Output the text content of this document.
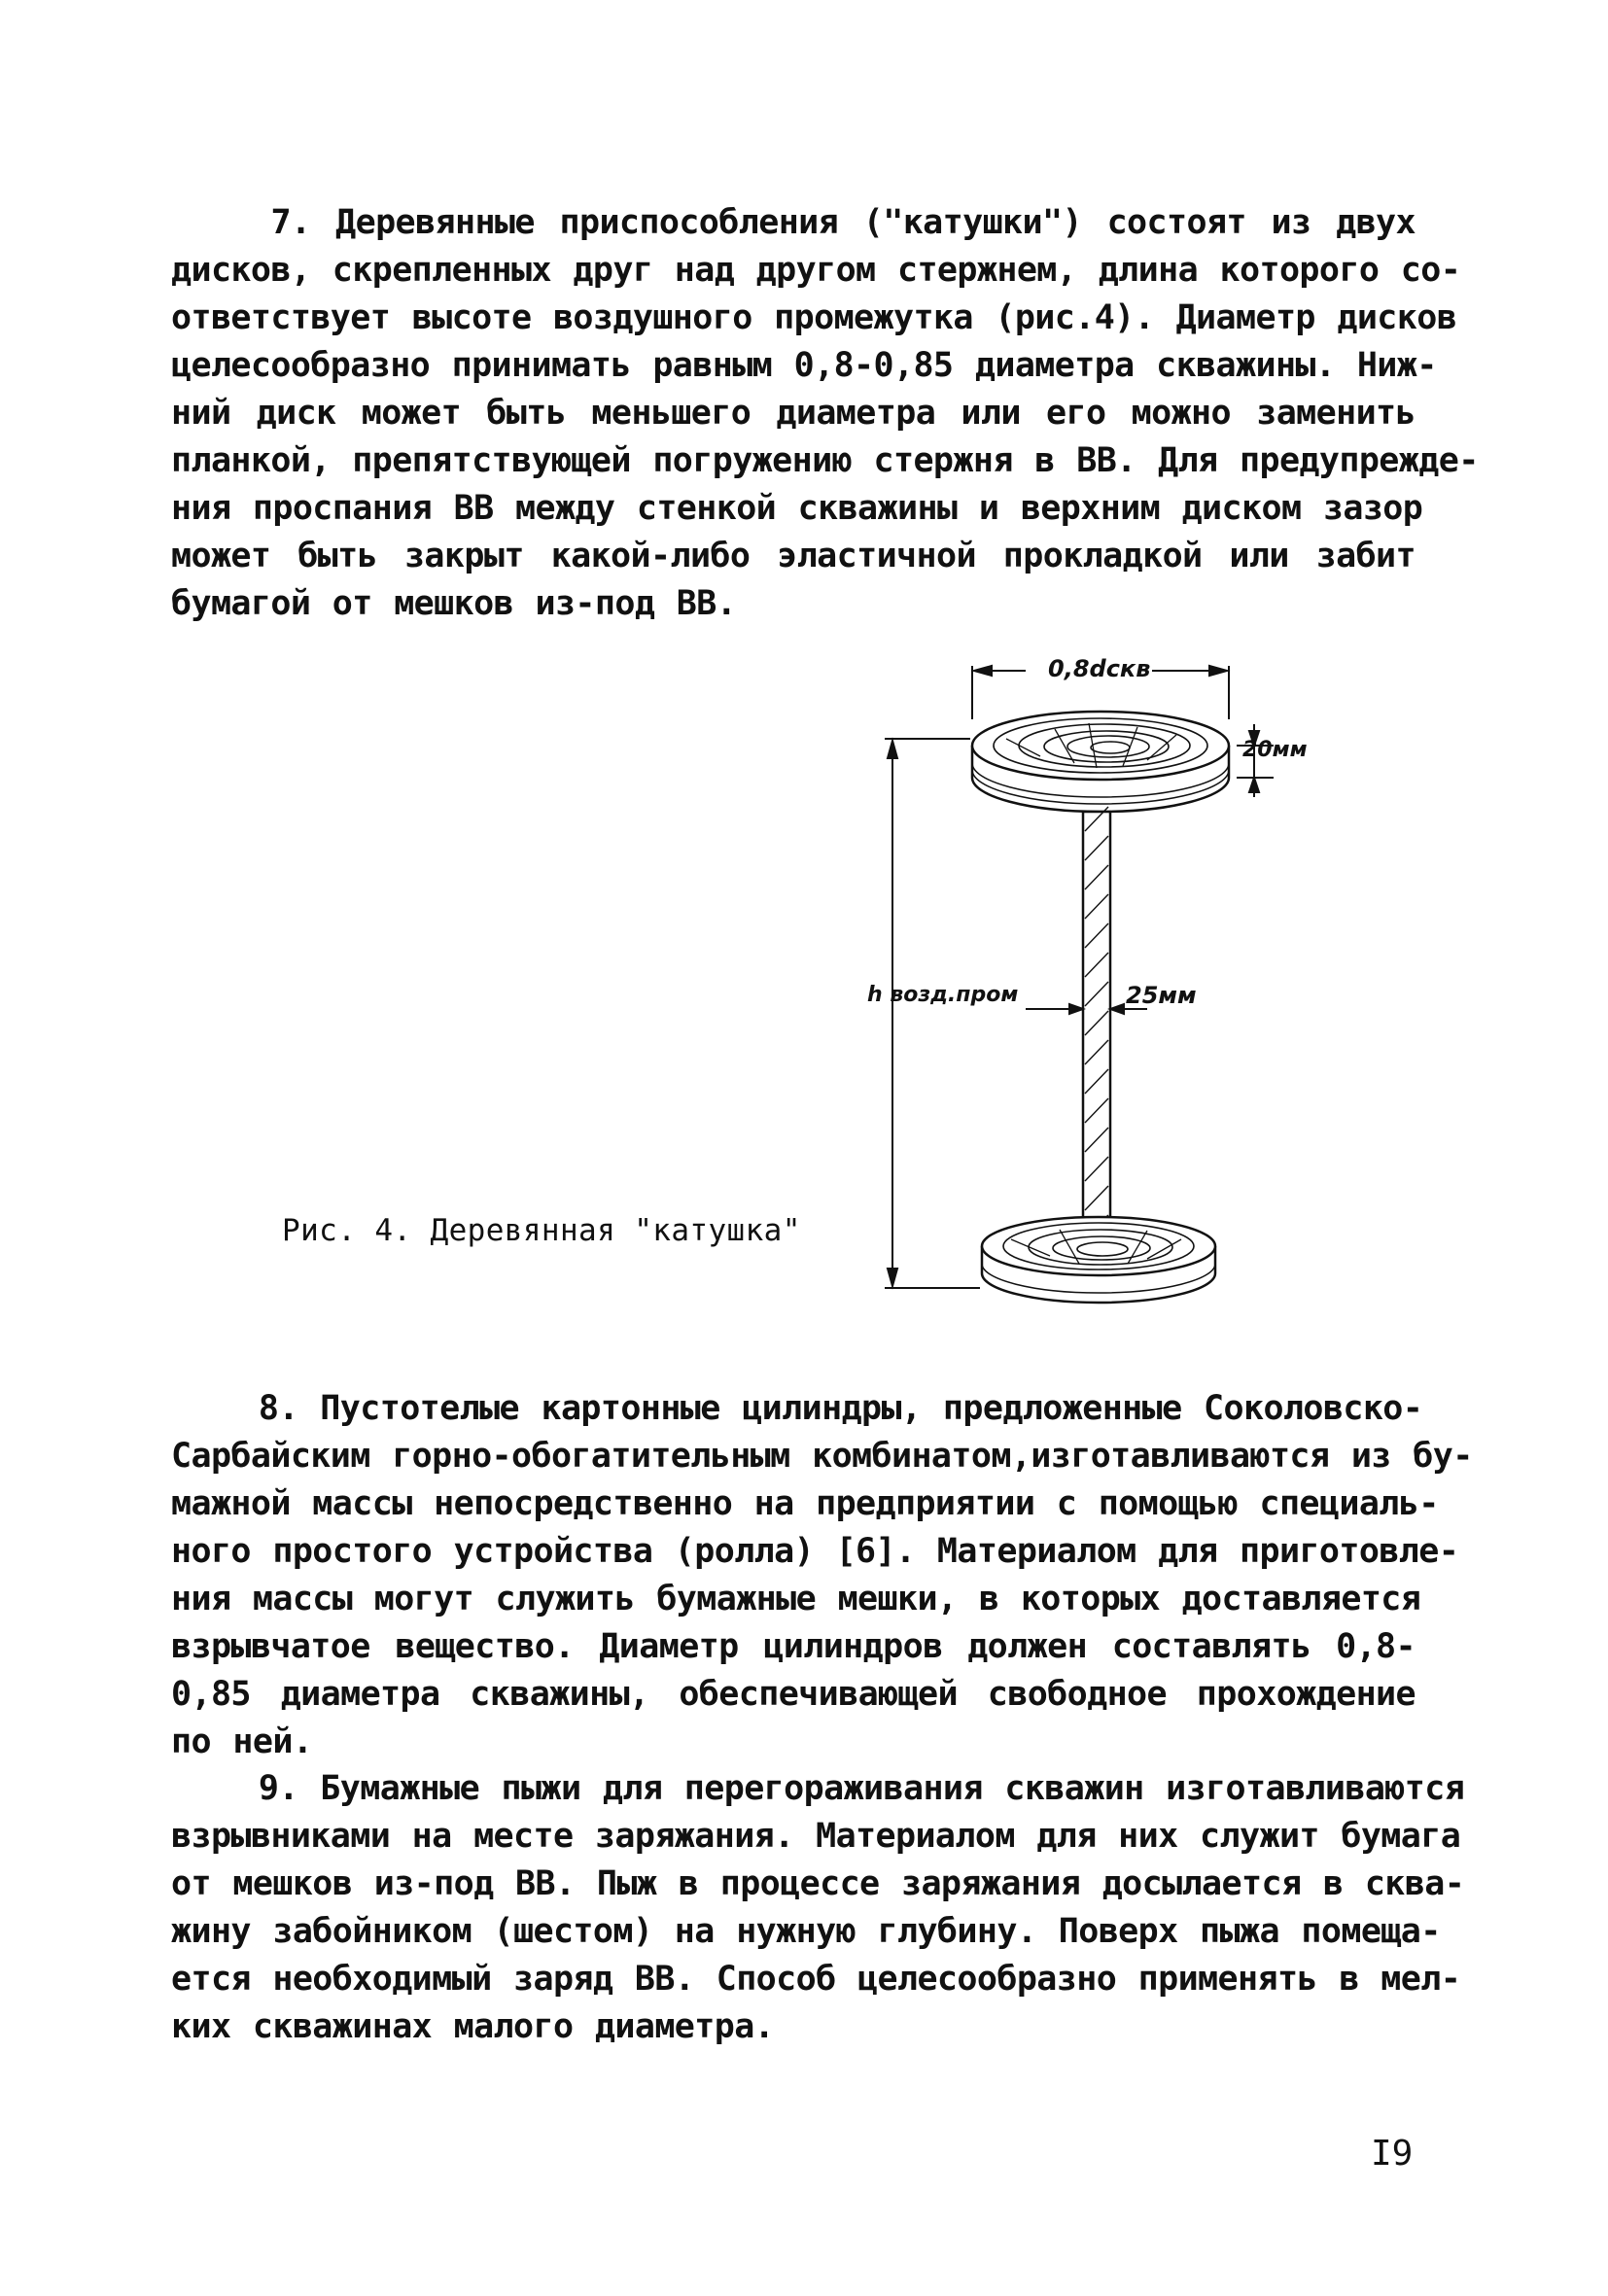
7. Деревянные приспособления ("катушки") состоят из двух
дисков, скрепленных друг над другом стержнем, длина которого со-
ответствует высоте воздушного промежутка (рис.4). Диаметр дисков
целесообразно принимать равным 0,8-0,85 диаметра скважины. Ниж-
ний диск может быть меньшего диаметра или его можно заменить
планкой, препятствующей погружению стержня в ВВ. Для предупрежде-
ния проспания ВВ между стенкой скважины и верхним диском зазор
может быть закрыт какой-либо эластичной прокладкой или забит
бумагой от мешков из-под ВВ.
0,8dскв
20мм
25мм
h возд.пром
Рис. 4. Деревянная "катушка"
8. Пустотелые картонные цилиндры, предложенные Соколовско-
Сарбайским горно-обогатительным комбинатом,изготавливаются из бу-
мажной массы непосредственно на предприятии с помощью специаль-
ного простого устройства (ролла) [6]. Материалом для приготовле-
ния массы могут служить бумажные мешки, в которых доставляется
взрывчатое вещество. Диаметр цилиндров должен составлять 0,8-
0,85 диаметра скважины, обеспечивающей свободное прохождение
по ней.
9. Бумажные пыжи для перегораживания скважин изготавливаются
взрывниками на месте заряжания. Материалом для них служит бумага
от мешков из-под ВВ. Пыж в процессе заряжания досылается в сква-
жину забойником (шестом) на нужную глубину. Поверх пыжа помеща-
ется необходимый заряд ВВ. Способ целесообразно применять в мел-
ких скважинах малого диаметра.
I9
